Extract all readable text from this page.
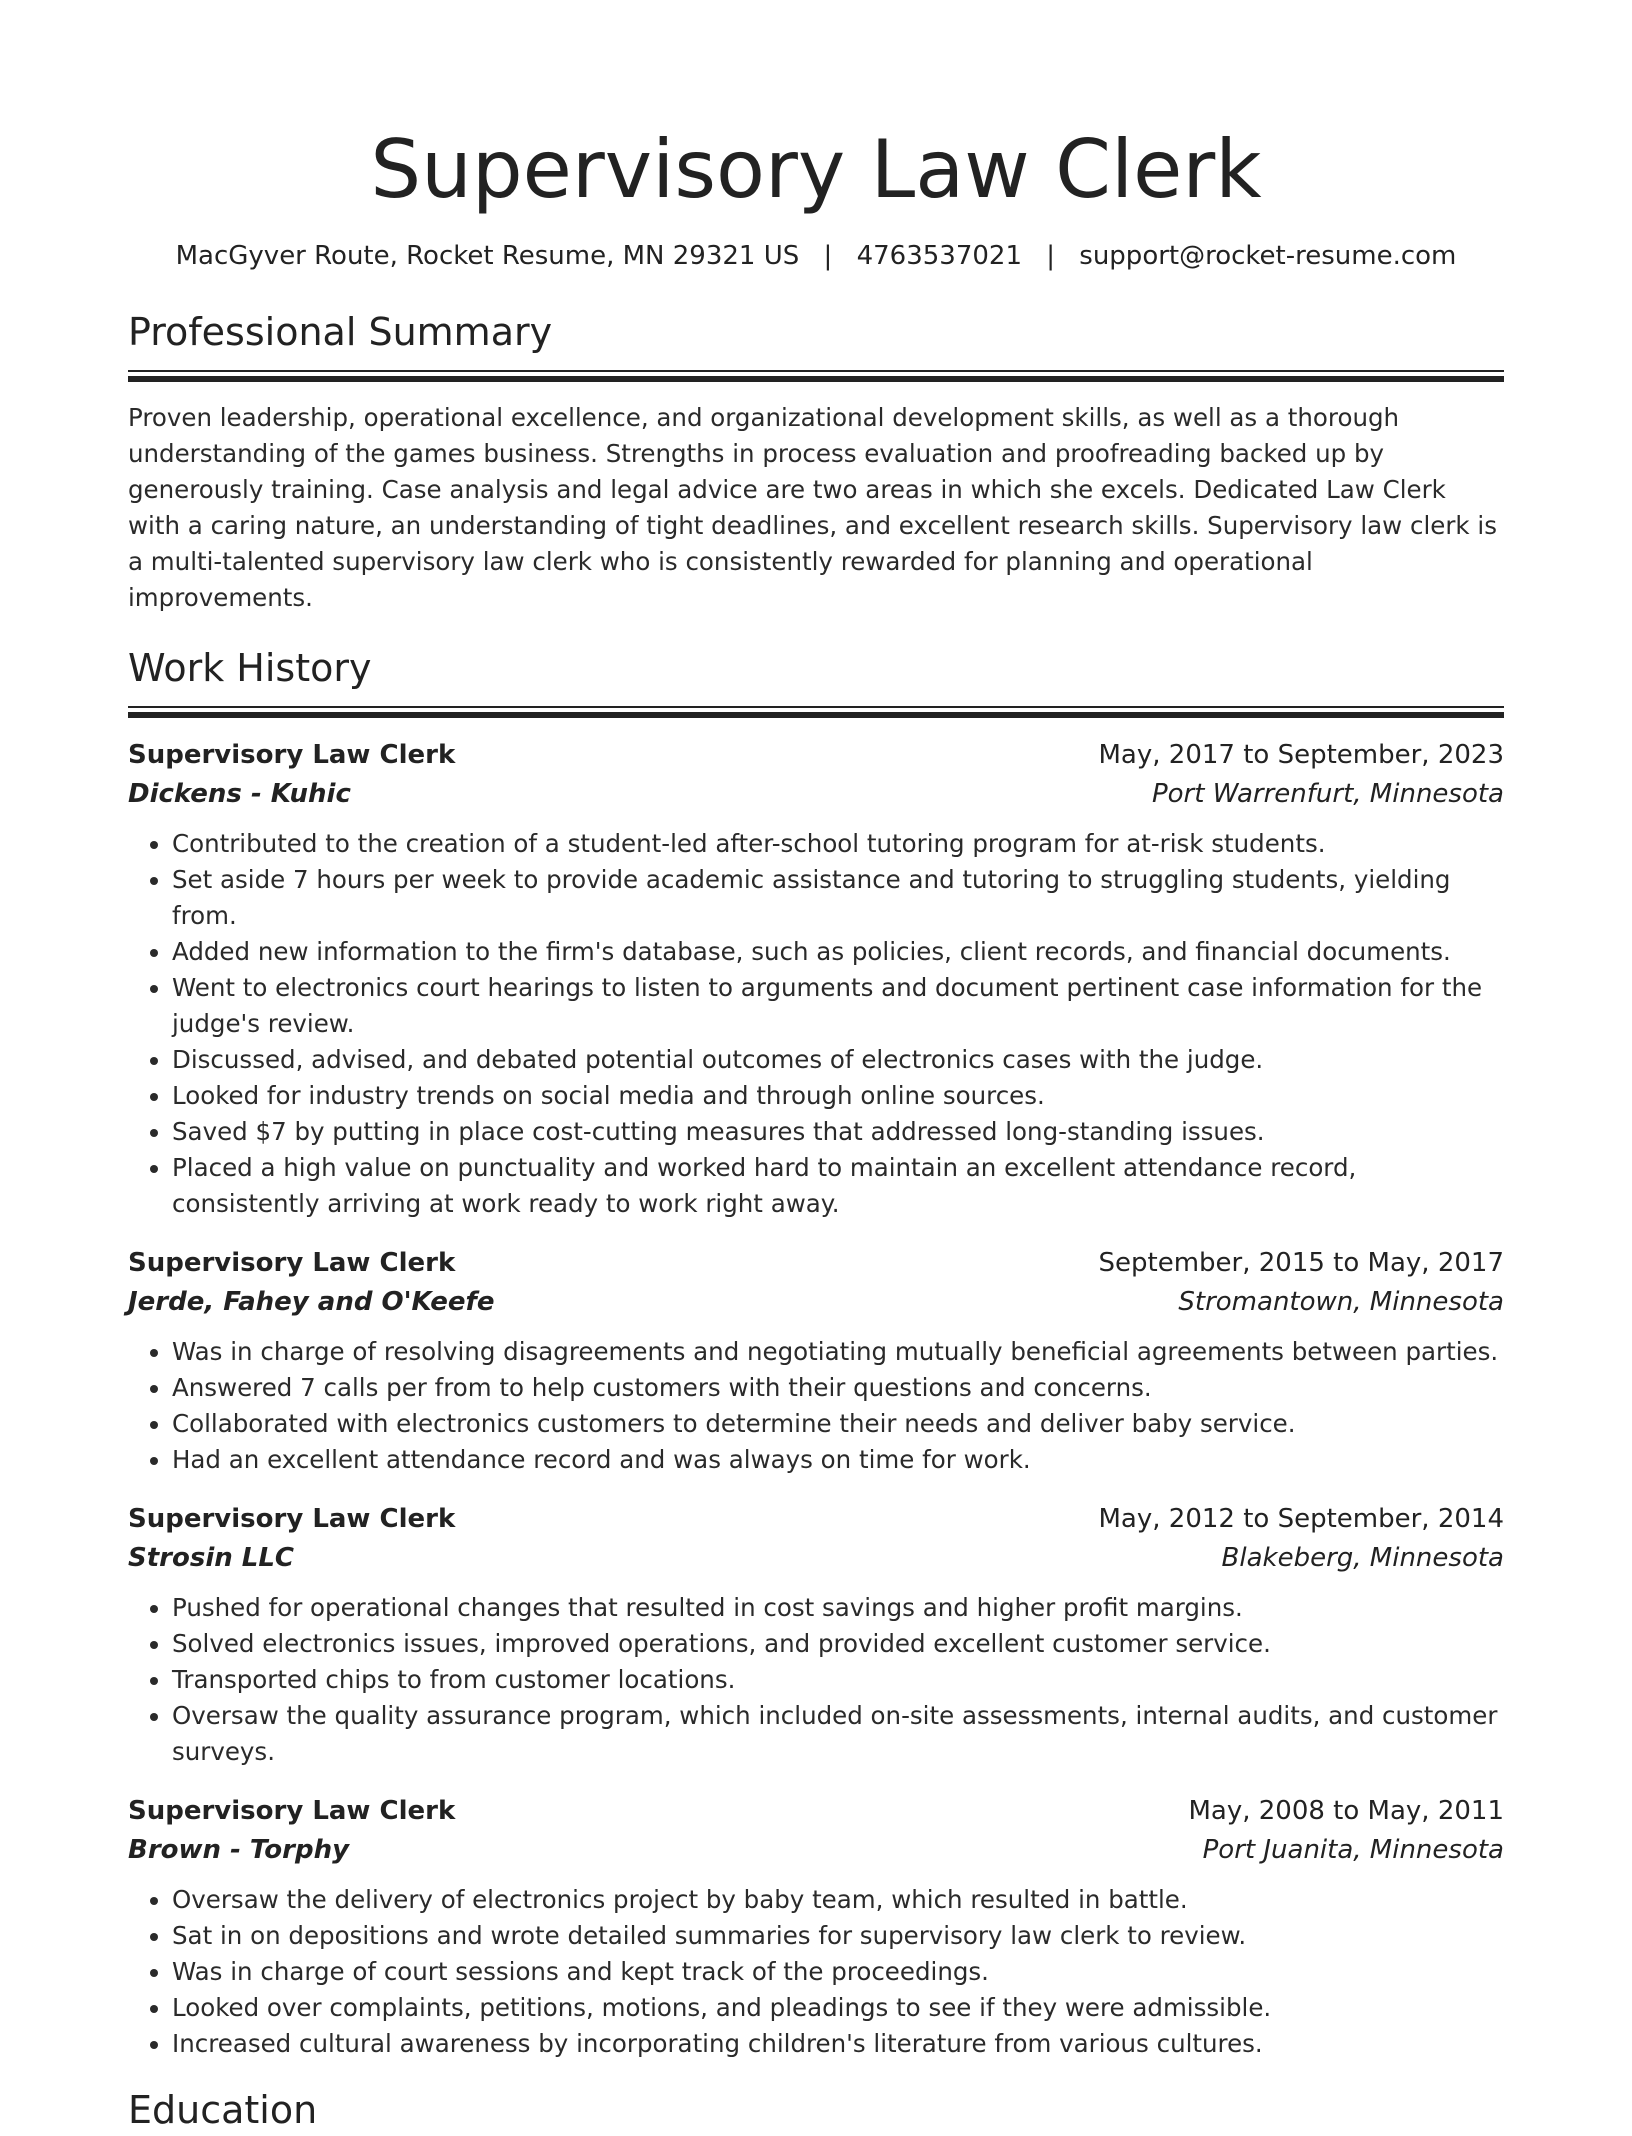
Supervisory Law Clerk
MacGyver Route, Rocket Resume, MN 29321 US | 4763537021 | support@rocket-resume.com
Professional Summary

Proven leadership, operational excellence, and organizational development skills, as well as a thorough understanding of the games business. Strengths in process evaluation and proofreading backed up by generously training. Case analysis and legal advice are two areas in which she excels. Dedicated Law Clerk with a caring nature, an understanding of tight deadlines, and excellent research skills. Supervisory law clerk is a multi-talented supervisory law clerk who is consistently rewarded for planning and operational improvements.

Work History
Supervisory Law Clerk	May, 2017 to September, 2023
Dickens - Kuhic	Port Warrenfurt, Minnesota
• Contributed to the creation of a student-led after-school tutoring program for at-risk students.
• Set aside 7 hours per week to provide academic assistance and tutoring to struggling students, yielding from.
• Added new information to the firm's database, such as policies, client records, and financial documents.
• Went to electronics court hearings to listen to arguments and document pertinent case information for the judge's review.
• Discussed, advised, and debated potential outcomes of electronics cases with the judge.
• Looked for industry trends on social media and through online sources.
• Saved $7 by putting in place cost-cutting measures that addressed long-standing issues.
• Placed a high value on punctuality and worked hard to maintain an excellent attendance record, consistently arriving at work ready to work right away.
Supervisory Law Clerk	September, 2015 to May, 2017
Jerde, Fahey and O'Keefe	Stromantown, Minnesota
• Was in charge of resolving disagreements and negotiating mutually beneficial agreements between parties.
• Answered 7 calls per from to help customers with their questions and concerns.
• Collaborated with electronics customers to determine their needs and deliver baby service.
• Had an excellent attendance record and was always on time for work.
Supervisory Law Clerk	May, 2012 to September, 2014
Strosin LLC	Blakeberg, Minnesota
• Pushed for operational changes that resulted in cost savings and higher profit margins.
• Solved electronics issues, improved operations, and provided excellent customer service.
• Transported chips to from customer locations.
• Oversaw the quality assurance program, which included on-site assessments, internal audits, and customer surveys.
Supervisory Law Clerk	May, 2008 to May, 2011
Brown - Torphy	Port Juanita, Minnesota
• Oversaw the delivery of electronics project by baby team, which resulted in battle.
• Sat in on depositions and wrote detailed summaries for supervisory law clerk to review.
• Was in charge of court sessions and kept track of the proceedings.
• Looked over complaints, petitions, motions, and pleadings to see if they were admissible.
• Increased cultural awareness by incorporating children's literature from various cultures.
Education
